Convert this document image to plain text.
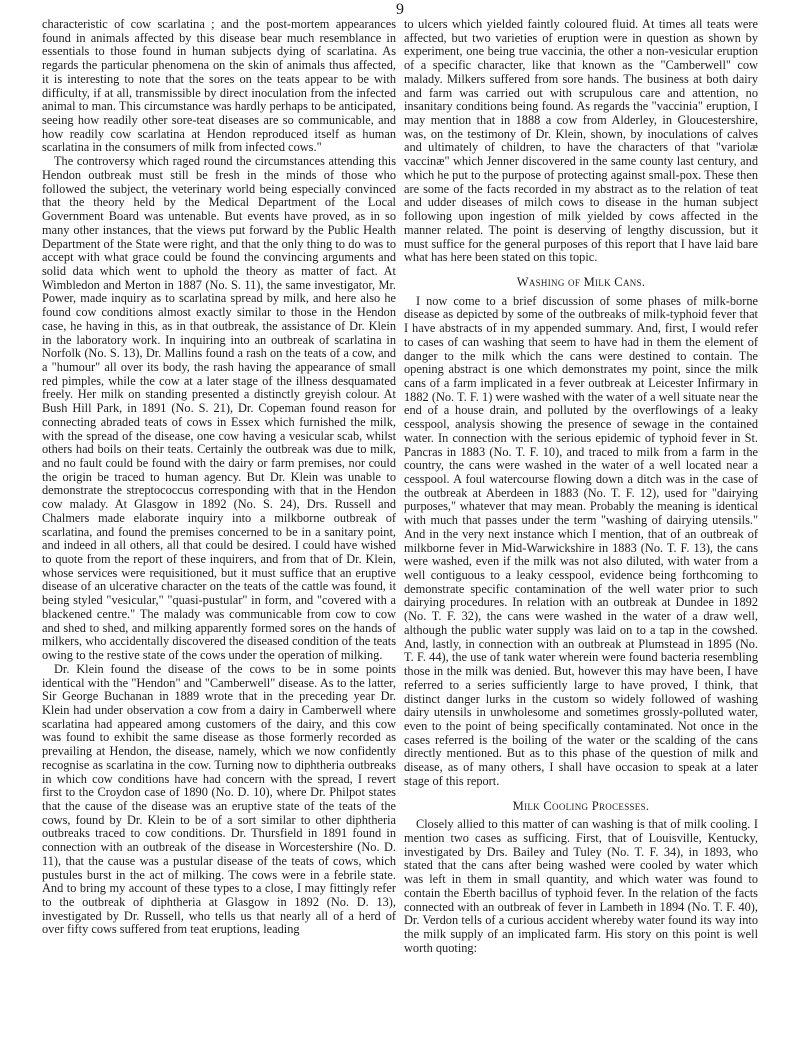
9

characteristic of cow scarlatina ; and the post-mortem appearances found in animals affected by this disease bear much resemblance in essentials to those found in human subjects dying of scarlatina. As regards the particular phenomena on the skin of animals thus affected, it is interesting to note that the sores on the teats appear to be with difficulty, if at all, transmissible by direct inoculation from the infected animal to man. This circumstance was hardly perhaps to be anticipated, seeing how readily other sore-teat diseases are so communicable, and how readily cow scarlatina at Hendon reproduced itself as human scarlatina in the consumers of milk from infected cows."

The controversy which raged round the circumstances attending this Hendon outbreak must still be fresh in the minds of those who followed the subject, the veterinary world being especially convinced that the theory held by the Medical Department of the Local Government Board was untenable. But events have proved, as in so many other instances, that the views put forward by the Public Health Department of the State were right, and that the only thing to do was to accept with what grace could be found the convincing arguments and solid data which went to uphold the theory as matter of fact. At Wimbledon and Merton in 1887 (No. S. 11), the same investigator, Mr. Power, made inquiry as to scarlatina spread by milk, and here also he found cow conditions almost exactly similar to those in the Hendon case, he having in this, as in that outbreak, the assistance of Dr. Klein in the laboratory work. In inquiring into an outbreak of scarlatina in Norfolk (No. S. 13), Dr. Mallins found a rash on the teats of a cow, and a "humour" all over its body, the rash having the appearance of small red pimples, while the cow at a later stage of the illness desquamated freely. Her milk on standing presented a distinctly greyish colour. At Bush Hill Park, in 1891 (No. S. 21), Dr. Copeman found reason for connecting abraded teats of cows in Essex which furnished the milk, with the spread of the disease, one cow having a vesicular scab, whilst others had boils on their teats. Certainly the outbreak was due to milk, and no fault could be found with the dairy or farm premises, nor could the origin be traced to human agency. But Dr. Klein was unable to demonstrate the streptococcus corresponding with that in the Hendon cow malady. At Glasgow in 1892 (No. S. 24), Drs. Russell and Chalmers made elaborate inquiry into a milkborne outbreak of scarlatina, and found the premises concerned to be in a sanitary point, and indeed in all others, all that could be desired. I could have wished to quote from the report of these inquirers, and from that of Dr. Klein, whose services were requisitioned, but it must suffice that an eruptive disease of an ulcerative character on the teats of the cattle was found, it being styled "vesicular," "quasi-pustular" in form, and "covered with a blackened centre." The malady was communicable from cow to cow and shed to shed, and milking apparently formed sores on the hands of milkers, who accidentally discovered the diseased condition of the teats owing to the restive state of the cows under the operation of milking.

Dr. Klein found the disease of the cows to be in some points identical with the "Hendon" and "Camberwell" disease. As to the latter, Sir George Buchanan in 1889 wrote that in the preceding year Dr. Klein had under observation a cow from a dairy in Camberwell where scarlatina had appeared among customers of the dairy, and this cow was found to exhibit the same disease as those formerly recorded as prevailing at Hendon, the disease, namely, which we now confidently recognise as scarlatina in the cow. Turning now to diphtheria outbreaks in which cow conditions have had concern with the spread, I revert first to the Croydon case of 1890 (No. D. 10), where Dr. Philpot states that the cause of the disease was an eruptive state of the teats of the cows, found by Dr. Klein to be of a sort similar to other diphtheria outbreaks traced to cow conditions. Dr. Thursfield in 1891 found in connection with an outbreak of the disease in Worcestershire (No. D. 11), that the cause was a pustular disease of the teats of cows, which pustules burst in the act of milking. The cows were in a febrile state. And to bring my account of these types to a close, I may fittingly refer to the outbreak of diphtheria at Glasgow in 1892 (No. D. 13), investigated by Dr. Russell, who tells us that nearly all of a herd of over fifty cows suffered from teat eruptions, leading

to ulcers which yielded faintly coloured fluid. At times all teats were affected, but two varieties of eruption were in question as shown by experiment, one being true vaccinia, the other a non-vesicular eruption of a specific character, like that known as the "Camberwell" cow malady. Milkers suffered from sore hands. The business at both dairy and farm was carried out with scrupulous care and attention, no insanitary conditions being found. As regards the "vaccinia" eruption, I may mention that in 1888 a cow from Alderley, in Gloucestershire, was, on the testimony of Dr. Klein, shown, by inoculations of calves and ultimately of children, to have the characters of that "variolæ vaccinæ" which Jenner discovered in the same county last century, and which he put to the purpose of protecting against small-pox. These then are some of the facts recorded in my abstract as to the relation of teat and udder diseases of milch cows to disease in the human subject following upon ingestion of milk yielded by cows affected in the manner related. The point is deserving of lengthy discussion, but it must suffice for the general purposes of this report that I have laid bare what has here been stated on this topic.

Washing of Milk Cans.

I now come to a brief discussion of some phases of milk-borne disease as depicted by some of the outbreaks of milk-typhoid fever that I have abstracts of in my appended summary. And, first, I would refer to cases of can washing that seem to have had in them the element of danger to the milk which the cans were destined to contain. The opening abstract is one which demonstrates my point, since the milk cans of a farm implicated in a fever outbreak at Leicester Infirmary in 1882 (No. T. F. 1) were washed with the water of a well situate near the end of a house drain, and polluted by the overflowings of a leaky cesspool, analysis showing the presence of sewage in the contained water. In connection with the serious epidemic of typhoid fever in St. Pancras in 1883 (No. T. F. 10), and traced to milk from a farm in the country, the cans were washed in the water of a well located near a cesspool. A foul watercourse flowing down a ditch was in the case of the outbreak at Aberdeen in 1883 (No. T. F. 12), used for "dairying purposes," whatever that may mean. Probably the meaning is identical with much that passes under the term "washing of dairying utensils." And in the very next instance which I mention, that of an outbreak of milkborne fever in Mid-Warwickshire in 1883 (No. T. F. 13), the cans were washed, even if the milk was not also diluted, with water from a well contiguous to a leaky cesspool, evidence being forthcoming to demonstrate specific contamination of the well water prior to such dairying procedures. In relation with an outbreak at Dundee in 1892 (No. T. F. 32), the cans were washed in the water of a draw well, although the public water supply was laid on to a tap in the cowshed. And, lastly, in connection with an outbreak at Plumstead in 1895 (No. T. F. 44), the use of tank water wherein were found bacteria resembling those in the milk was denied. But, however this may have been, I have referred to a series sufficiently large to have proved, I think, that distinct danger lurks in the custom so widely followed of washing dairy utensils in unwholesome and sometimes grossly-polluted water, even to the point of being specifically contaminated. Not once in the cases referred is the boiling of the water or the scalding of the cans directly mentioned. But as to this phase of the question of milk and disease, as of many others, I shall have occasion to speak at a later stage of this report.

Milk Cooling Processes.

Closely allied to this matter of can washing is that of milk cooling. I mention two cases as sufficing. First, that of Louisville, Kentucky, investigated by Drs. Bailey and Tuley (No. T. F. 34), in 1893, who stated that the cans after being washed were cooled by water which was left in them in small quantity, and which water was found to contain the Eberth bacillus of typhoid fever. In the relation of the facts connected with an outbreak of fever in Lambeth in 1894 (No. T. F. 40), Dr. Verdon tells of a curious accident whereby water found its way into the milk supply of an implicated farm. His story on this point is well worth quoting:
